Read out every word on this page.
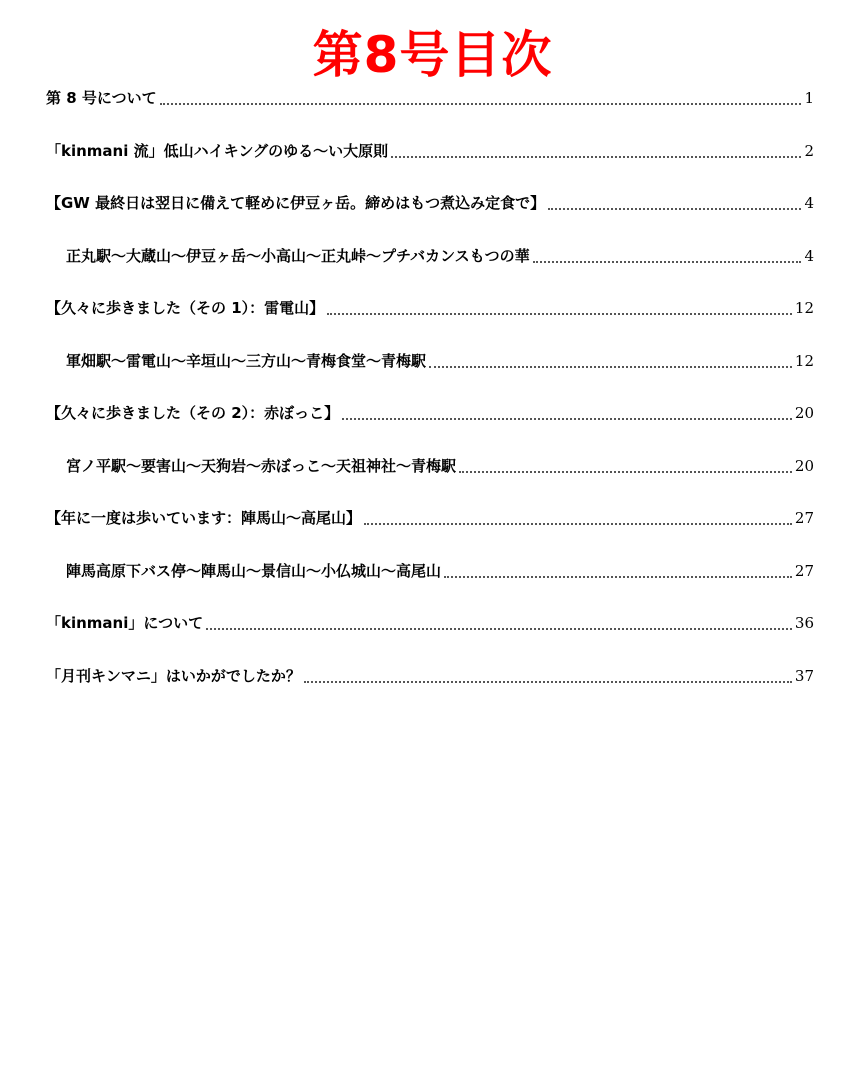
第8号目次
第 8 号について	1
「kinmani 流」低山ハイキングのゆる～い大原則	2
【GW 最終日は翌日に備えて軽めに伊豆ヶ岳。締めはもつ煮込み定食で】	4
正丸駅～大蔵山～伊豆ヶ岳～小高山～正丸峠～プチバカンスもつの華	4
【久々に歩きました（その 1）：雷電山】	12
軍畑駅～雷電山～辛垣山～三方山～青梅食堂～青梅駅	12
【久々に歩きました（その 2）：赤ぼっこ】	20
宮ノ平駅～要害山～天狗岩～赤ぼっこ～天祖神社～青梅駅	20
【年に一度は歩いています：陣馬山～高尾山】	27
陣馬高原下バス停～陣馬山～景信山～小仏城山～高尾山	27
「kinmani」について	36
「月刊キンマニ」はいかがでしたか？	37
